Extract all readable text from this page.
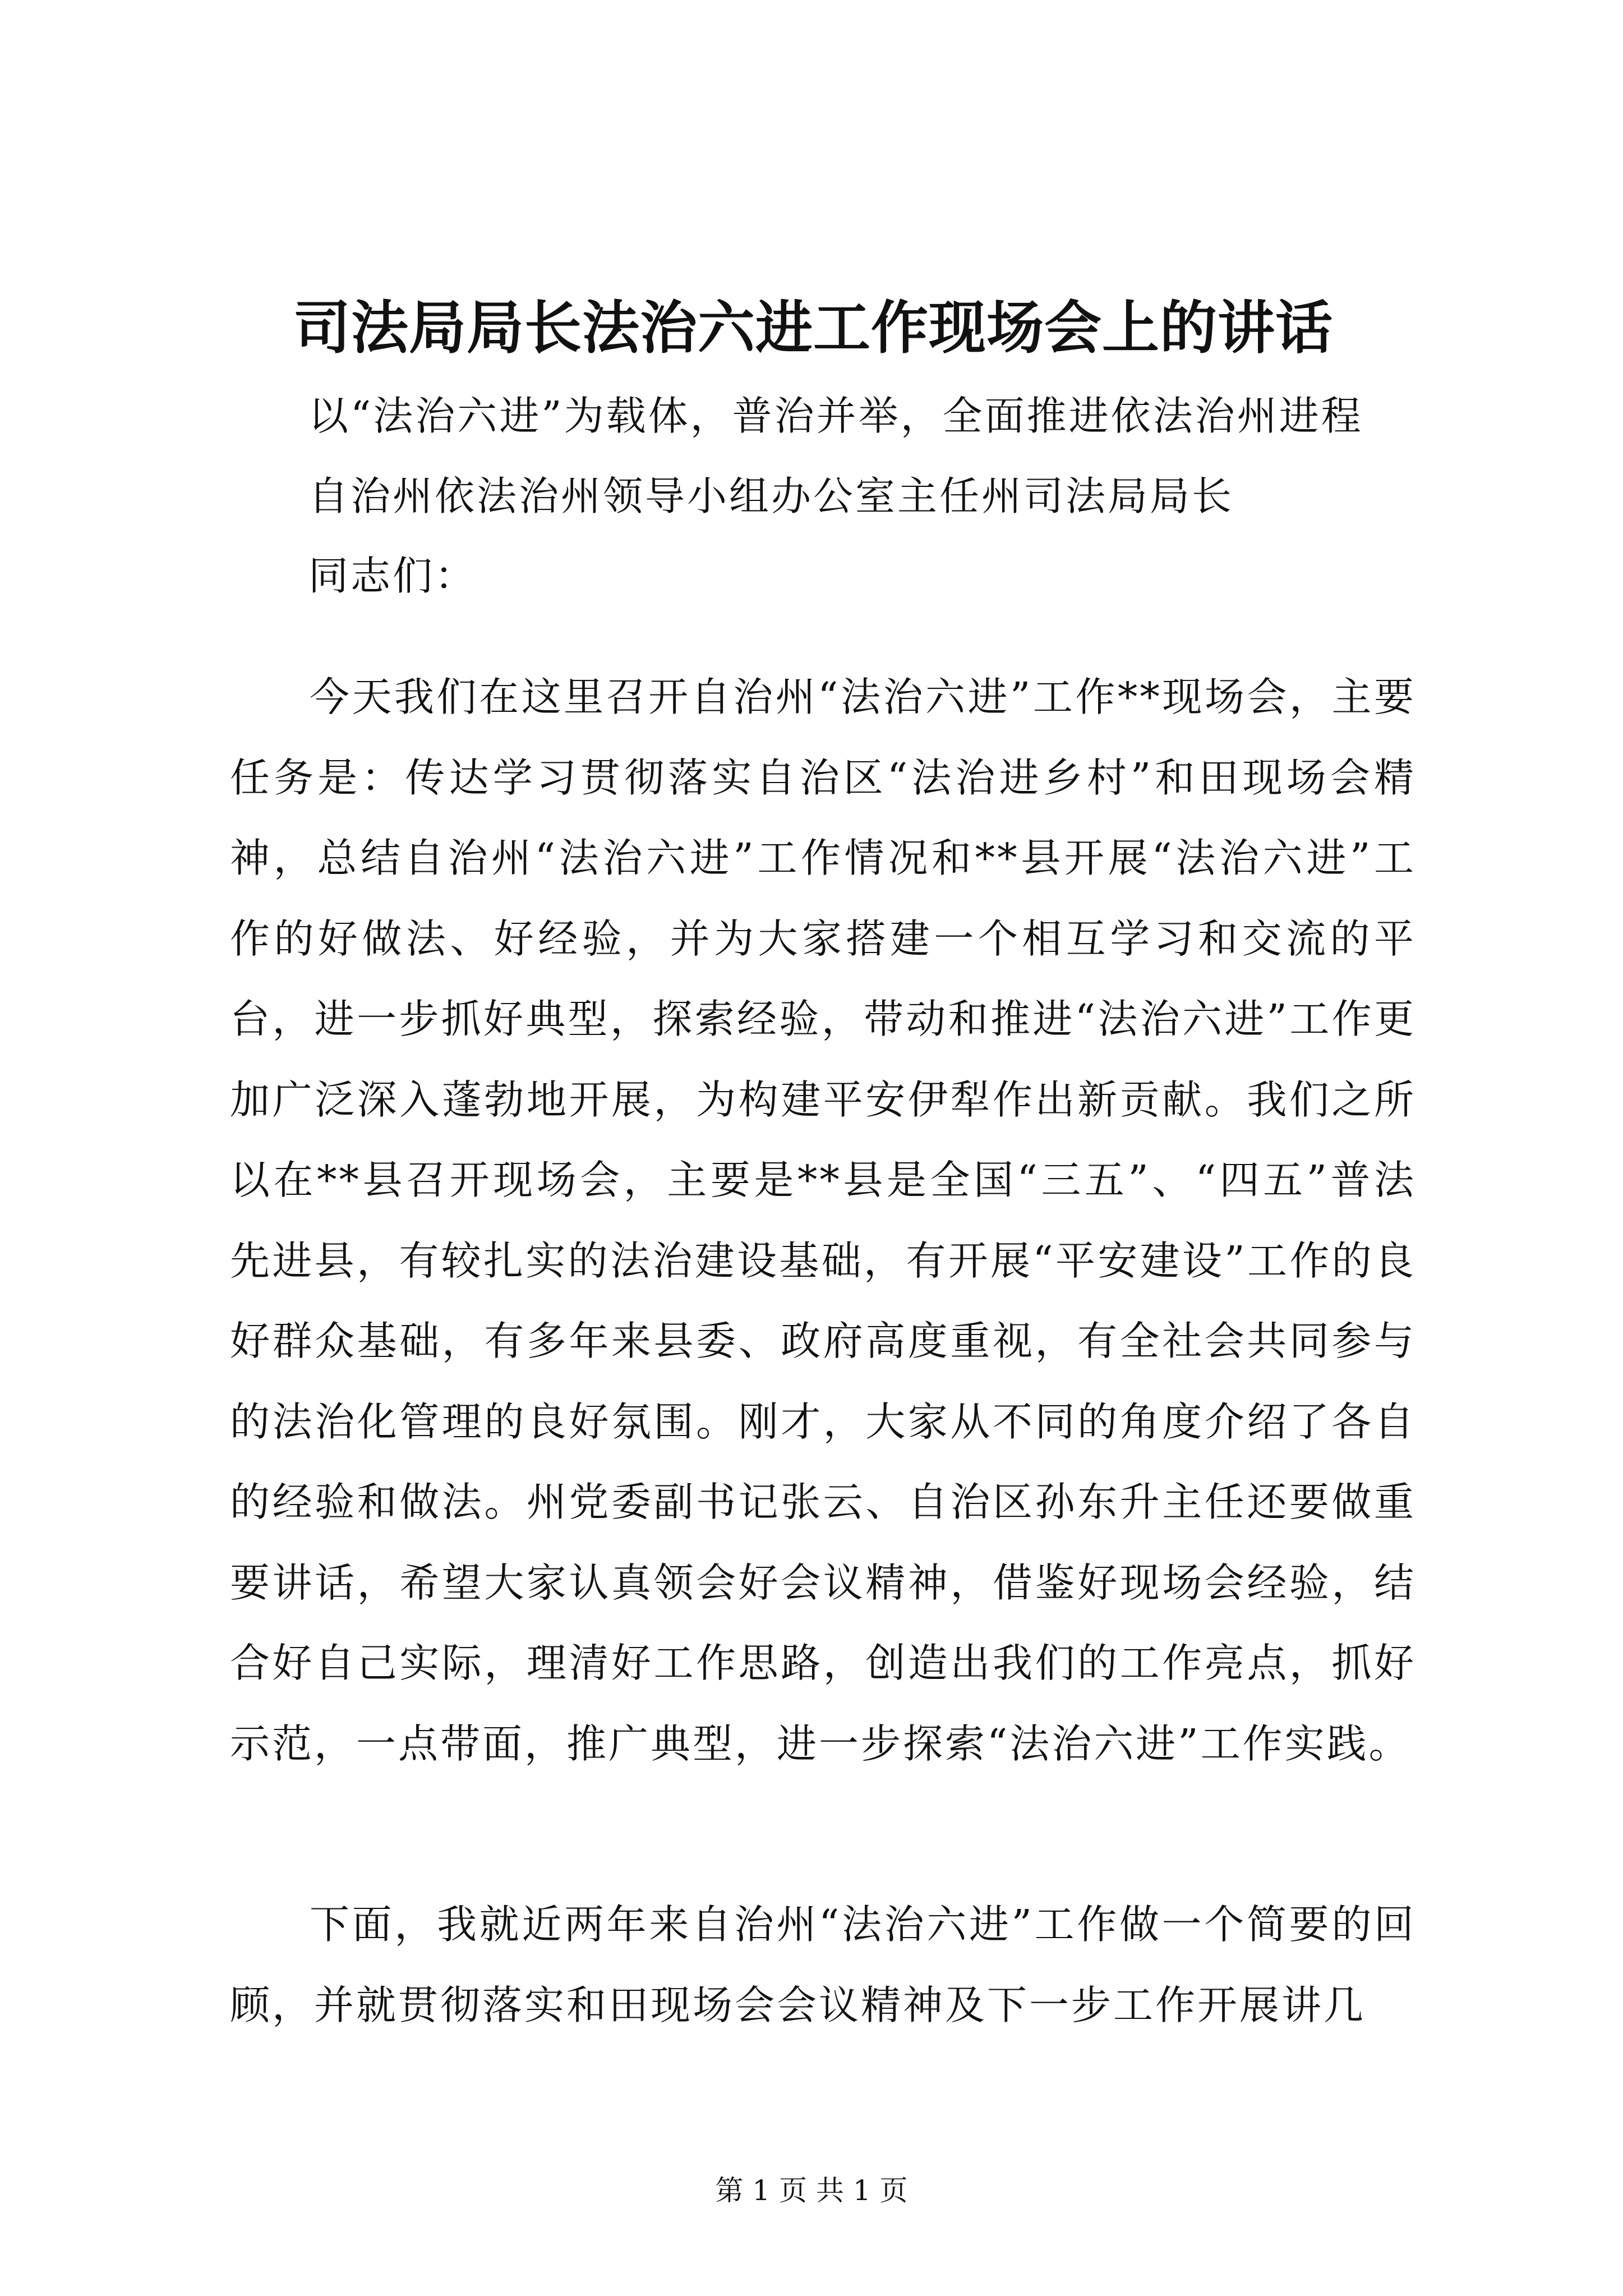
司法局局长法治六进工作现场会上的讲话
以“法治六进”为载体，普治并举，全面推进依法治州进程
自治州依法治州领导小组办公室主任州司法局局长
同志们：

今天我们在这里召开自治州“法治六进”工作**现场会，主要任务是：传达学习贯彻落实自治区“法治进乡村”和田现场会精神，总结自治州“法治六进”工作情况和**县开展“法治六进”工作的好做法、好经验，并为大家搭建一个相互学习和交流的平台，进一步抓好典型，探索经验，带动和推进“法治六进”工作更加广泛深入蓬勃地开展，为构建平安伊犁作出新贡献。我们之所以在**县召开现场会，主要是**县是全国“三五”、“四五”普法先进县，有较扎实的法治建设基础，有开展“平安建设”工作的良好群众基础，有多年来县委、政府高度重视，有全社会共同参与的法治化管理的良好氛围。刚才，大家从不同的角度介绍了各自的经验和做法。州党委副书记张云、自治区孙东升主任还要做重要讲话，希望大家认真领会好会议精神，借鉴好现场会经验，结合好自己实际，理清好工作思路，创造出我们的工作亮点，抓好示范，一点带面，推广典型，进一步探索“法治六进”工作实践。

下面，我就近两年来自治州“法治六进”工作做一个简要的回顾，并就贯彻落实和田现场会会议精神及下一步工作开展讲几

第 1 页 共 1 页
